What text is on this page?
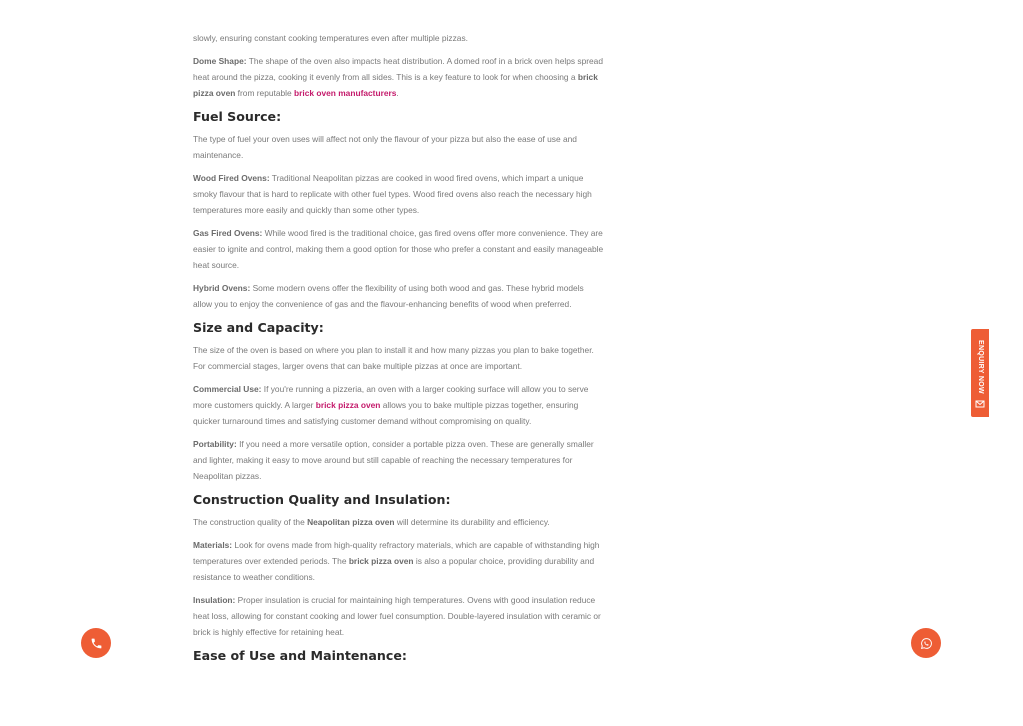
slowly, ensuring constant cooking temperatures even after multiple pizzas.

Dome Shape: The shape of the oven also impacts heat distribution. A domed roof in a brick oven helps spread heat around the pizza, cooking it evenly from all sides. This is a key feature to look for when choosing a brick pizza oven from reputable brick oven manufacturers.

Fuel Source:

The type of fuel your oven uses will affect not only the flavour of your pizza but also the ease of use and maintenance.

Wood Fired Ovens: Traditional Neapolitan pizzas are cooked in wood fired ovens, which impart a unique smoky flavour that is hard to replicate with other fuel types. Wood fired ovens also reach the necessary high temperatures more easily and quickly than some other types.

Gas Fired Ovens: While wood fired is the traditional choice, gas fired ovens offer more convenience. They are easier to ignite and control, making them a good option for those who prefer a constant and easily manageable heat source.

Hybrid Ovens: Some modern ovens offer the flexibility of using both wood and gas. These hybrid models allow you to enjoy the convenience of gas and the flavour-enhancing benefits of wood when preferred.

Size and Capacity:

The size of the oven is based on where you plan to install it and how many pizzas you plan to bake together. For commercial stages, larger ovens that can bake multiple pizzas at once are important.

Commercial Use: If you're running a pizzeria, an oven with a larger cooking surface will allow you to serve more customers quickly. A larger brick pizza oven allows you to bake multiple pizzas together, ensuring quicker turnaround times and satisfying customer demand without compromising on quality.

Portability: If you need a more versatile option, consider a portable pizza oven. These are generally smaller and lighter, making it easy to move around but still capable of reaching the necessary temperatures for Neapolitan pizzas.

Construction Quality and Insulation:

The construction quality of the Neapolitan pizza oven will determine its durability and efficiency.

Materials: Look for ovens made from high-quality refractory materials, which are capable of withstanding high temperatures over extended periods. The brick pizza oven is also a popular choice, providing durability and resistance to weather conditions.

Insulation: Proper insulation is crucial for maintaining high temperatures. Ovens with good insulation reduce heat loss, allowing for constant cooking and lower fuel consumption. Double-layered insulation with ceramic or brick is highly effective for retaining heat.

Ease of Use and Maintenance:
ENQUIRY NOW
